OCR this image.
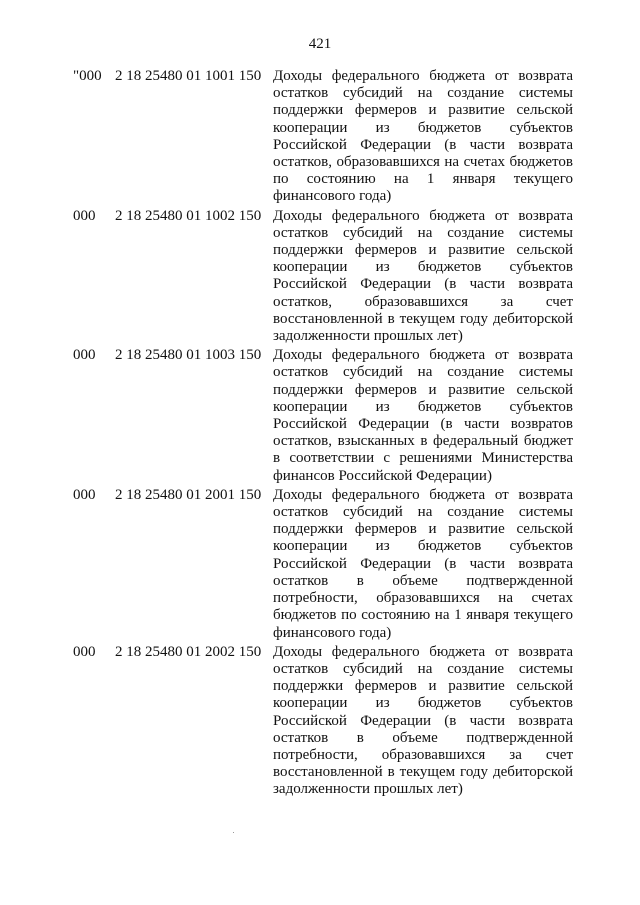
421
"000 2 18 25480 01 1001 150 Доходы федерального бюджета от возврата
остатков субсидий на создание системы
поддержки фермеров и развитие сельской
кооперации из бюджетов субъектов
Российской Федерации (в части возврата
остатков, образовавшихся на счетах бюджетов
по состоянию на 1 января текущего
финансового года)
000 2 18 25480 01 1002 150 Доходы федерального бюджета от возврата
остатков субсидий на создание системы
поддержки фермеров и развитие сельской
кооперации из бюджетов субъектов
Российской Федерации (в части возврата
остатков, образовавшихся за счет
восстановленной в текущем году дебиторской
задолженности прошлых лет)
000 2 18 25480 01 1003 150 Доходы федерального бюджета от возврата
остатков субсидий на создание системы
поддержки фермеров и развитие сельской
кооперации из бюджетов субъектов
Российской Федерации (в части возвратов
остатков, взысканных в федеральный бюджет
в соответствии с решениями Министерства
финансов Российской Федерации)
000 2 18 25480 01 2001 150 Доходы федерального бюджета от возврата
остатков субсидий на создание системы
поддержки фермеров и развитие сельской
кооперации из бюджетов субъектов
Российской Федерации (в части возврата
остатков в объеме подтвержденной
потребности, образовавшихся на счетах
бюджетов по состоянию на 1 января текущего
финансового года)
000 2 18 25480 01 2002 150 Доходы федерального бюджета от возврата
остатков субсидий на создание системы
поддержки фермеров и развитие сельской
кооперации из бюджетов субъектов
Российской Федерации (в части возврата
остатков в объеме подтвержденной
потребности, образовавшихся за счет
восстановленной в текущем году дебиторской
задолженности прошлых лет)
